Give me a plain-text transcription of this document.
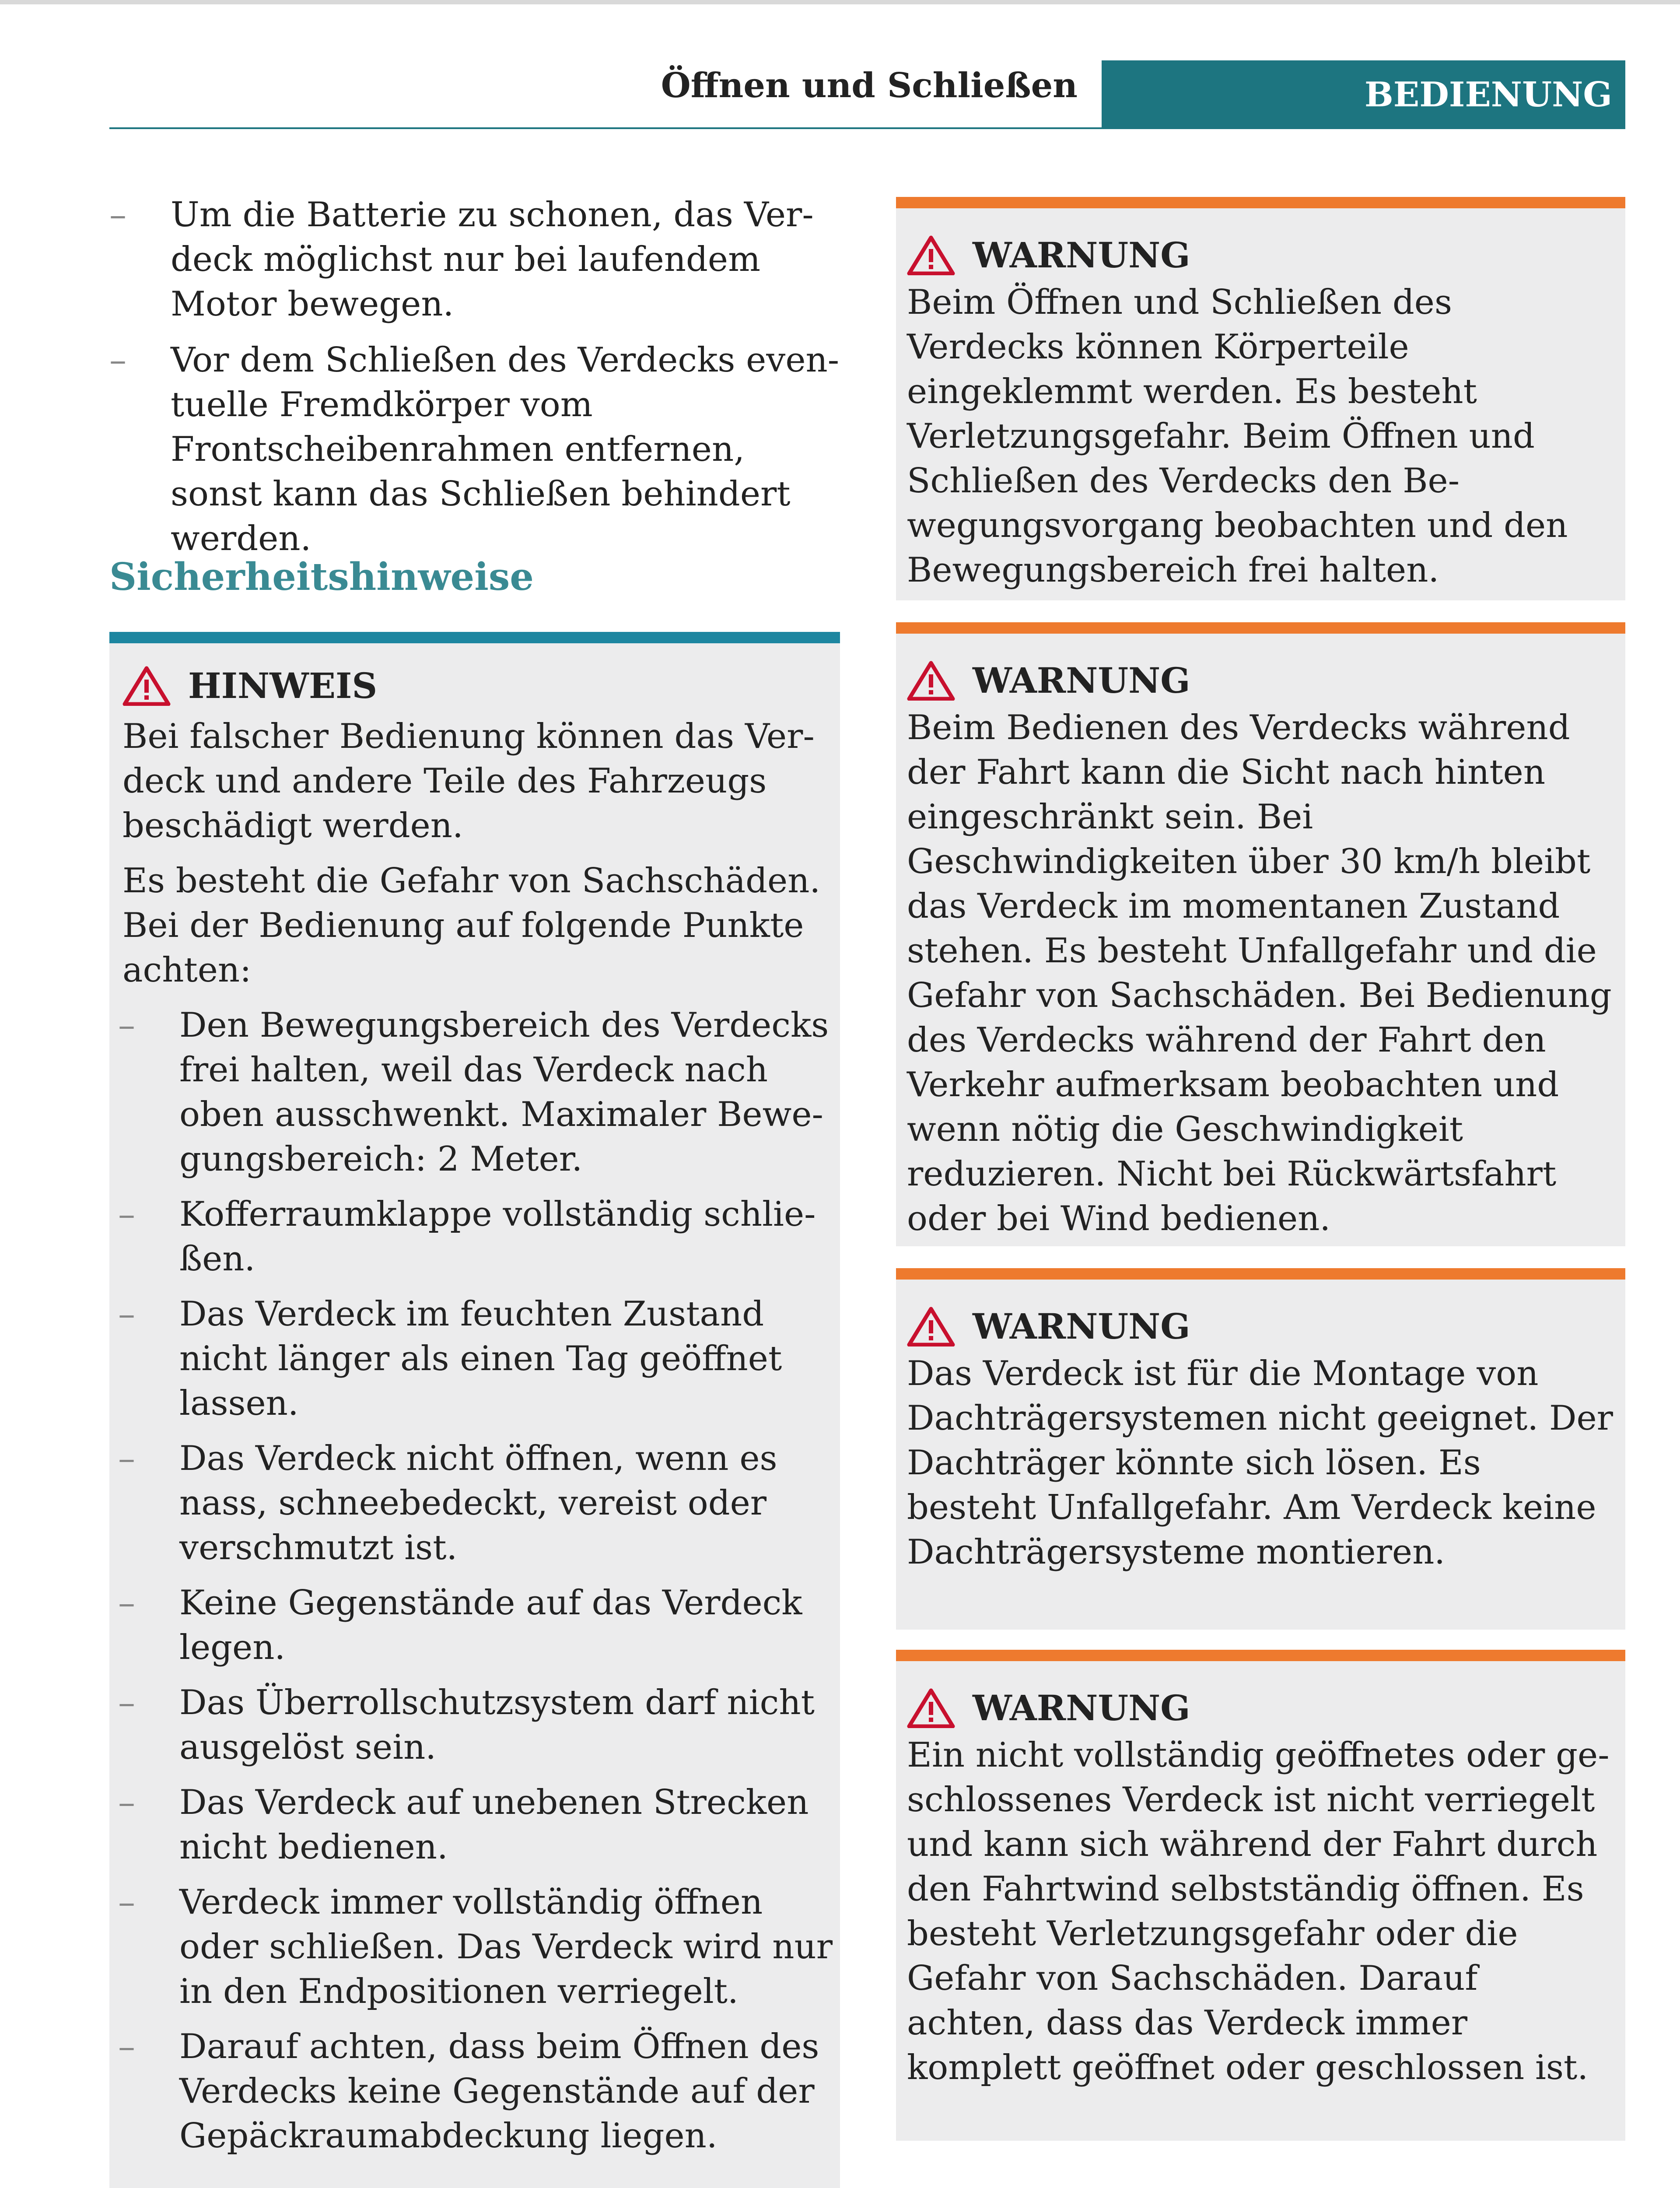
Öffnen und Schließen	BEDIENUNG
– Um die Batterie zu schonen, das Verdeck möglichst nur bei laufendem Motor bewegen.
– Vor dem Schließen des Verdecks eventuelle Fremdkörper vom Frontscheibenrahmen entfernen, sonst kann das Schließen behindert werden.
Sicherheitshinweise
HINWEIS
Bei falscher Bedienung können das Verdeck und andere Teile des Fahrzeugs beschädigt werden.
Es besteht die Gefahr von Sachschäden. Bei der Bedienung auf folgende Punkte achten:
– Den Bewegungsbereich des Verdecks frei halten, weil das Verdeck nach oben ausschwenkt. Maximaler Bewegungsbereich: 2 Meter.
– Kofferraumklappe vollständig schließen.
– Das Verdeck im feuchten Zustand nicht länger als einen Tag geöffnet lassen.
– Das Verdeck nicht öffnen, wenn es nass, schneebedeckt, vereist oder verschmutzt ist.
– Keine Gegenstände auf das Verdeck legen.
– Das Überrollschutzsystem darf nicht ausgelöst sein.
– Das Verdeck auf unebenen Strecken nicht bedienen.
– Verdeck immer vollständig öffnen oder schließen. Das Verdeck wird nur in den Endpositionen verriegelt.
– Darauf achten, dass beim Öffnen des Verdecks keine Gegenstände auf der Gepäckraumabdeckung liegen.
WARNUNG
Beim Öffnen und Schließen des Verdecks können Körperteile eingeklemmt werden. Es besteht Verletzungsgefahr. Beim Öffnen und Schließen des Verdecks den Bewegungsvorgang beobachten und den Bewegungsbereich frei halten.
WARNUNG
Beim Bedienen des Verdecks während der Fahrt kann die Sicht nach hinten eingeschränkt sein. Bei Geschwindigkeiten über 30 km/h bleibt das Verdeck im momentanen Zustand stehen. Es besteht Unfallgefahr und die Gefahr von Sachschäden. Bei Bedienung des Verdecks während der Fahrt den Verkehr aufmerksam beobachten und wenn nötig die Geschwindigkeit reduzieren. Nicht bei Rückwärtsfahrt oder bei Wind bedienen.
WARNUNG
Das Verdeck ist für die Montage von Dachträgersystemen nicht geeignet. Der Dachträger könnte sich lösen. Es besteht Unfallgefahr. Am Verdeck keine Dachträgersysteme montieren.
WARNUNG
Ein nicht vollständig geöffnetes oder geschlossenes Verdeck ist nicht verriegelt und kann sich während der Fahrt durch den Fahrtwind selbstständig öffnen. Es besteht Verletzungsgefahr oder die Gefahr von Sachschäden. Darauf achten, dass das Verdeck immer komplett geöffnet oder geschlossen ist.
